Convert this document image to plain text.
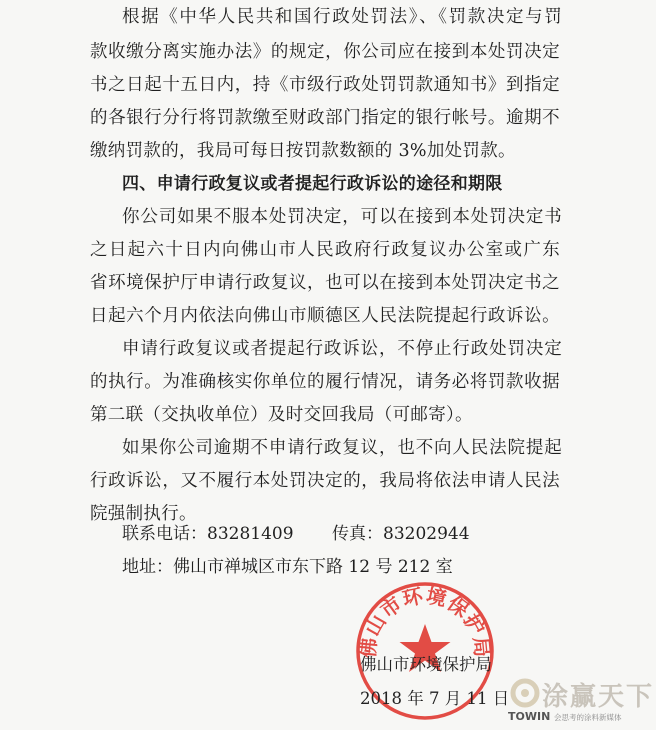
根据《中华人民共和国行政处罚法》、《罚款决定与罚
款收缴分离实施办法》的规定，你公司应在接到本处罚决定
书之日起十五日内，持《市级行政处罚罚款通知书》到指定
的各银行分行将罚款缴至财政部门指定的银行帐号。逾期不
缴纳罚款的，我局可每日按罚款数额的 3%加处罚款。
四、申请行政复议或者提起行政诉讼的途径和期限
你公司如果不服本处罚决定，可以在接到本处罚决定书
之日起六十日内向佛山市人民政府行政复议办公室或广东
省环境保护厅申请行政复议，也可以在接到本处罚决定书之
日起六个月内依法向佛山市顺德区人民法院提起行政诉讼。
申请行政复议或者提起行政诉讼，不停止行政处罚决定
的执行。为准确核实你单位的履行情况，请务必将罚款收据
第二联（交执收单位）及时交回我局（可邮寄）。
如果你公司逾期不申请行政复议，也不向人民法院提起
行政诉讼，又不履行本处罚决定的，我局将依法申请人民法
院强制执行。
联系电话：83281409 传真：83202944
地址：佛山市禅城区市东下路 12 号 212 室
佛山市环境保护局
佛山市环境保护局
2018 年 7 月 11 日 涂赢天下
TOWIN 会思考的涂料新媒体
